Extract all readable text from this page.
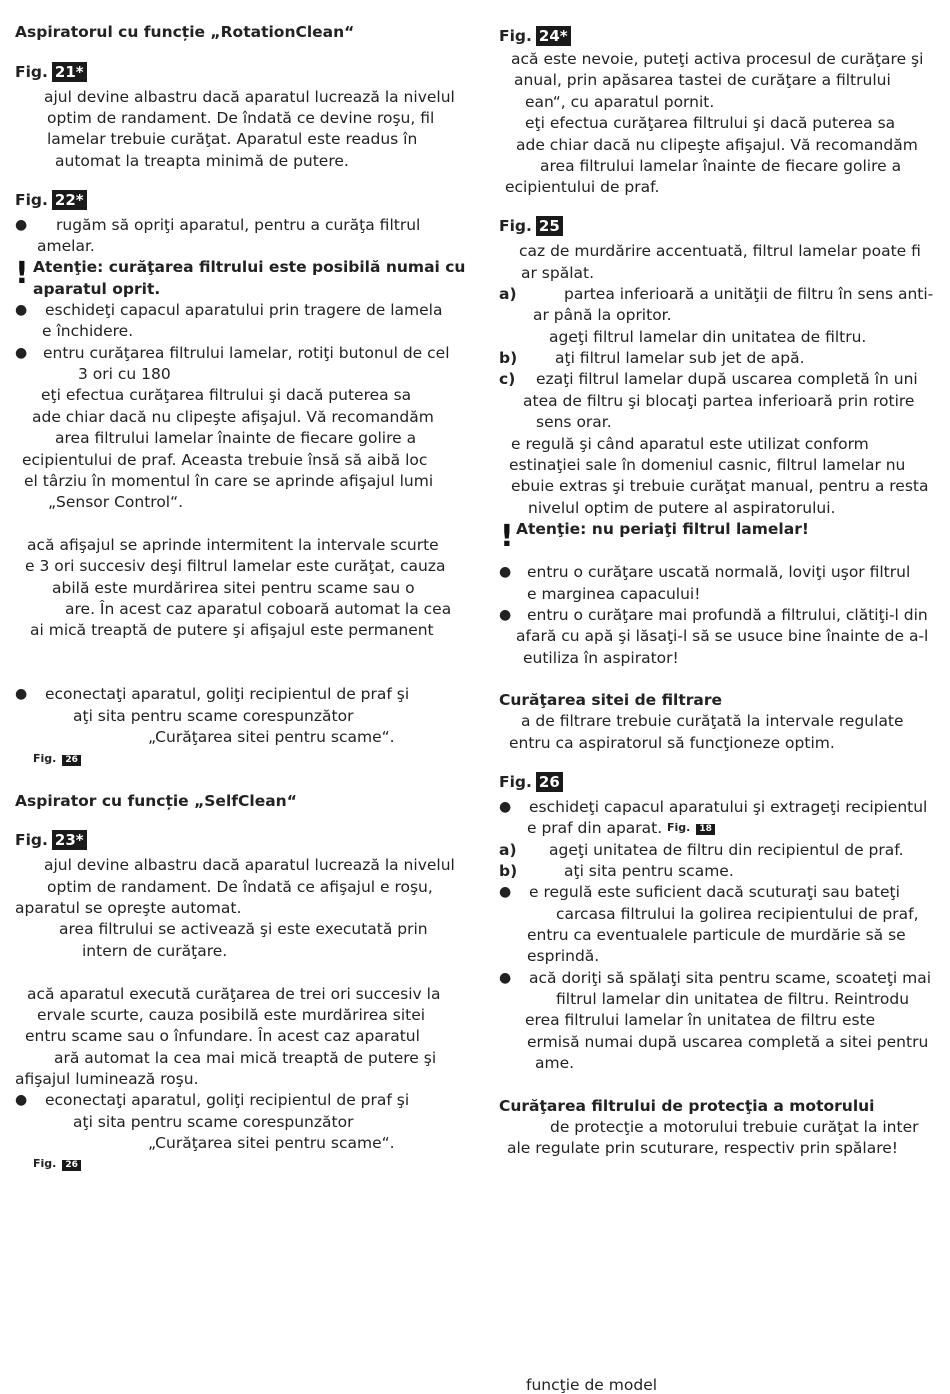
Aspiratorul cu funcție „RotationClean“
Fig. 21*
ajul devine albastru dacă aparatul lucrează la nivelul
optim de randament. De îndată ce devine roşu, fil
lamelar trebuie curăţat. Aparatul este readus în
automat la treapta minimă de putere.
Fig. 22*
● rugăm să opriţi aparatul, pentru a curăţa filtrul
amelar.
! Atenţie: curăţarea filtrului este posibilă numai cu
aparatul oprit.
● eschideţi capacul aparatului prin tragere de lamela
e închidere.
● entru curăţarea filtrului lamelar, rotiţi butonul de cel
3 ori cu 180
eţi efectua curăţarea filtrului şi dacă puterea sa
ade chiar dacă nu clipeşte afişajul. Vă recomandăm
area filtrului lamelar înainte de fiecare golire a
ecipientului de praf. Aceasta trebuie însă să aibă loc
el târziu în momentul în care se aprinde afişajul lumi
„Sensor Control“.
acă afişajul se aprinde intermitent la intervale scurte
e 3 ori succesiv deşi filtrul lamelar este curăţat, cauza
abilă este murdărirea sitei pentru scame sau o
are. În acest caz aparatul coboară automat la cea
ai mică treaptă de putere şi afişajul este permanent
● econectaţi aparatul, goliţi recipientul de praf şi
aţi sita pentru scame corespunzător
„Curăţarea sitei pentru scame“.
Fig. 26
Aspirator cu funcție „SelfClean“
Fig. 23*
ajul devine albastru dacă aparatul lucrează la nivelul
optim de randament. De îndată ce afişajul e roşu,
aparatul se opreşte automat.
area filtrului se activează şi este executată prin
intern de curăţare.
acă aparatul execută curăţarea de trei ori succesiv la
ervale scurte, cauza posibilă este murdărirea sitei
entru scame sau o înfundare. În acest caz aparatul
ară automat la cea mai mică treaptă de putere şi
afişajul luminează roşu.
● econectaţi aparatul, goliţi recipientul de praf şi
aţi sita pentru scame corespunzător
„Curăţarea sitei pentru scame“.
Fig. 26
Fig. 24*
acă este nevoie, puteţi activa procesul de curăţare şi
anual, prin apăsarea tastei de curăţare a filtrului
ean“, cu aparatul pornit.
eţi efectua curăţarea filtrului şi dacă puterea sa
ade chiar dacă nu clipeşte afişajul. Vă recomandăm
area filtrului lamelar înainte de fiecare golire a
ecipientului de praf.
Fig. 25
caz de murdărire accentuată, filtrul lamelar poate fi
ar spălat.
a)	partea inferioară a unităţii de filtru în sens anti-
ar până la opritor.
ageţi filtrul lamelar din unitatea de filtru.
b) aţi filtrul lamelar sub jet de apă.
c) ezaţi filtrul lamelar după uscarea completă în uni
atea de filtru şi blocaţi partea inferioară prin rotire
sens orar.
e regulă şi când aparatul este utilizat conform
estinaţiei sale în domeniul casnic, filtrul lamelar nu
ebuie extras şi trebuie curăţat manual, pentru a resta
nivelul optim de putere al aspiratorului.
! Atenţie: nu periaţi filtrul lamelar!
● entru o curăţare uscată normală, loviţi uşor filtrul
e marginea capacului!
● entru o curăţare mai profundă a filtrului, clătiţi-l din
afară cu apă şi lăsaţi-l să se usuce bine înainte de a-l
eutiliza în aspirator!
Curăţarea sitei de filtrare
a de filtrare trebuie curăţată la intervale regulate
entru ca aspiratorul să funcţioneze optim.
Fig. 26
● eschideţi capacul aparatului şi extrageţi recipientul
e praf din aparat. Fig. 18
a) ageţi unitatea de filtru din recipientul de praf.
b)	aţi sita pentru scame.
● e regulă este suficient dacă scuturaţi sau bateţi
carcasa filtrului la golirea recipientului de praf,
entru ca eventualele particule de murdărie să se
esprindă.
● acă doriţi să spălaţi sita pentru scame, scoateţi mai
filtrul lamelar din unitatea de filtru. Reintrodu
erea filtrului lamelar în unitatea de filtru este
ermisă numai după uscarea completă a sitei pentru
ame.
Curăţarea filtrului de protecţia a motorului
de protecţie a motorului trebuie curăţat la inter
ale regulate prin scuturare, respectiv prin spălare!
funcţie de model
